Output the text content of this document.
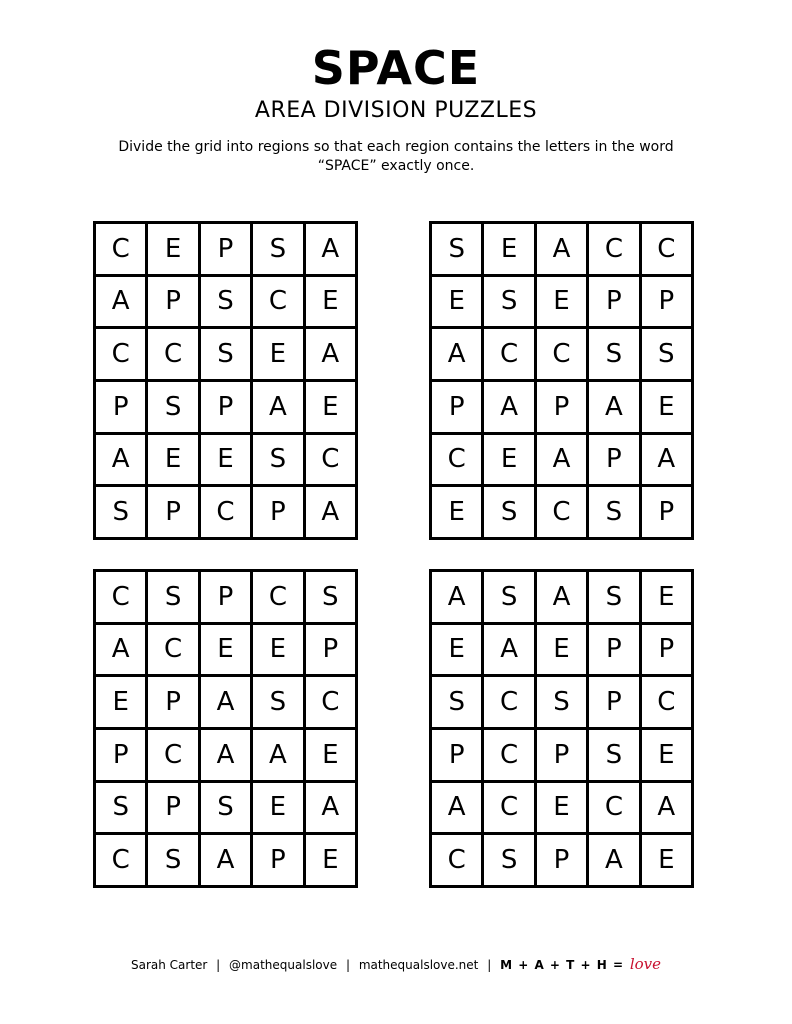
SPACE
AREA DIVISION PUZZLES
Divide the grid into regions so that each region contains the letters in the word “SPACE” exactly once.
C	E	P	S	A
A	P	S	C	E
C	C	S	E	A
P	S	P	A	E
A	E	E	S	C
S	P	C	P	A
S	E	A	C	C
E	S	E	P	P
A	C	C	S	S
P	A	P	A	E
C	E	A	P	A
E	S	C	S	P
C	S	P	C	S
A	C	E	E	P
E	P	A	S	C
P	C	A	A	E
S	P	S	E	A
C	S	A	P	E
A	S	A	S	E
E	A	E	P	P
S	C	S	P	C
P	C	P	S	E
A	C	E	C	A
C	S	P	A	E
Sarah Carter | @mathequalslove | mathequalslove.net | M + A + T + H = love
